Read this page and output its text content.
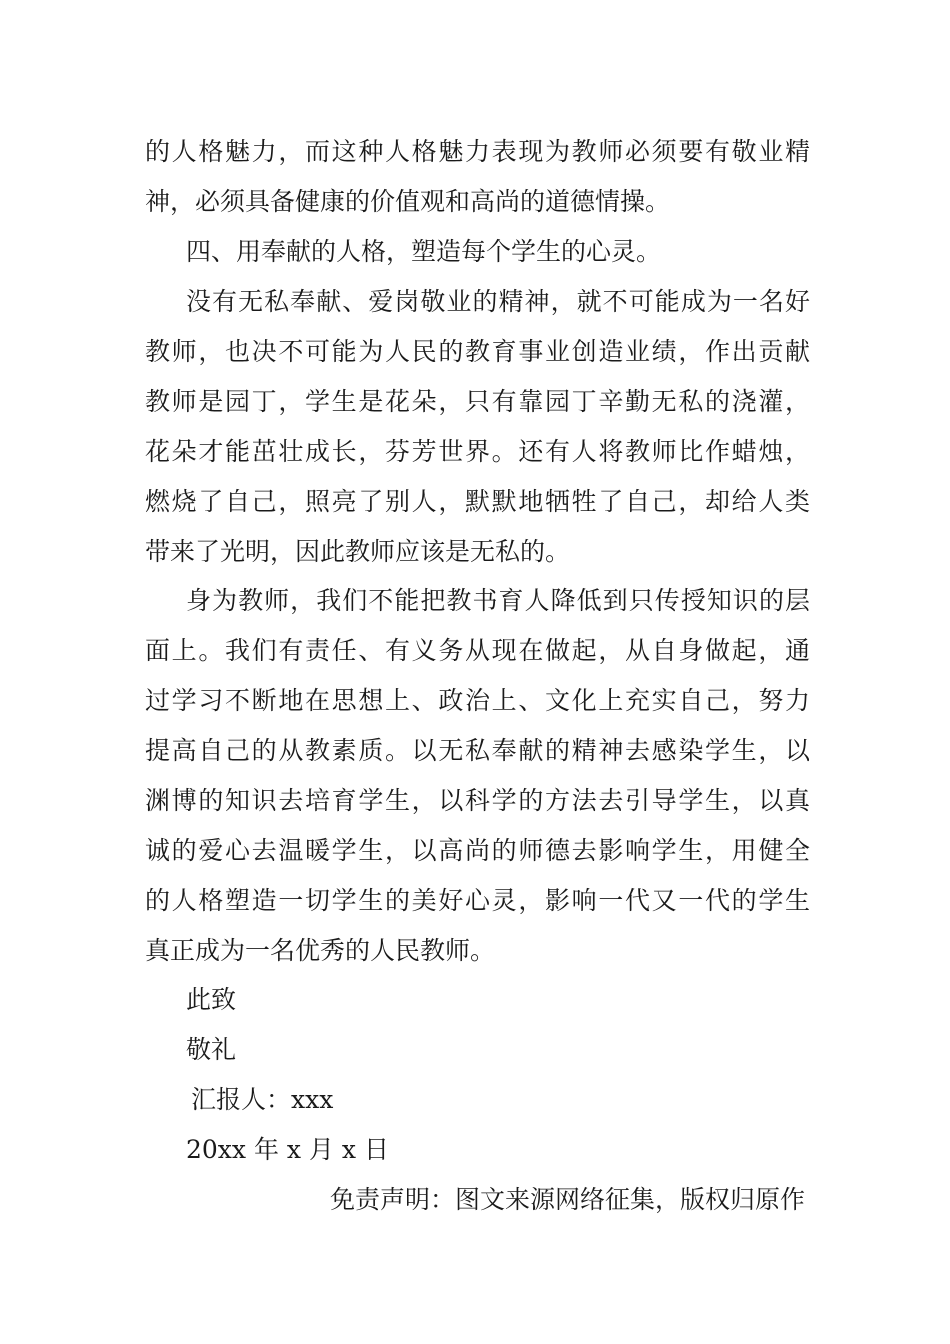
的人格魅力，而这种人格魅力表现为教师必须要有敬业精
神，必须具备健康的价值观和高尚的道德情操。
四、用奉献的人格，塑造每个学生的心灵。
没有无私奉献、爱岗敬业的精神，就不可能成为一名好
教师，也决不可能为人民的教育事业创造业绩，作出贡献
教师是园丁，学生是花朵，只有靠园丁辛勤无私的浇灌，
花朵才能茁壮成长，芬芳世界。还有人将教师比作蜡烛，
燃烧了自己，照亮了别人，默默地牺牲了自己，却给人类
带来了光明，因此教师应该是无私的。
身为教师，我们不能把教书育人降低到只传授知识的层
面上。我们有责任、有义务从现在做起，从自身做起，通
过学习不断地在思想上、政治上、文化上充实自己，努力
提高自己的从教素质。以无私奉献的精神去感染学生，以
渊博的知识去培育学生，以科学的方法去引导学生，以真
诚的爱心去温暖学生，以高尚的师德去影响学生，用健全
的人格塑造一切学生的美好心灵，影响一代又一代的学生
真正成为一名优秀的人民教师。
此致
敬礼
汇报人：xxx
20xx 年 x 月 x 日
免责声明：图文来源网络征集，版权归原作
